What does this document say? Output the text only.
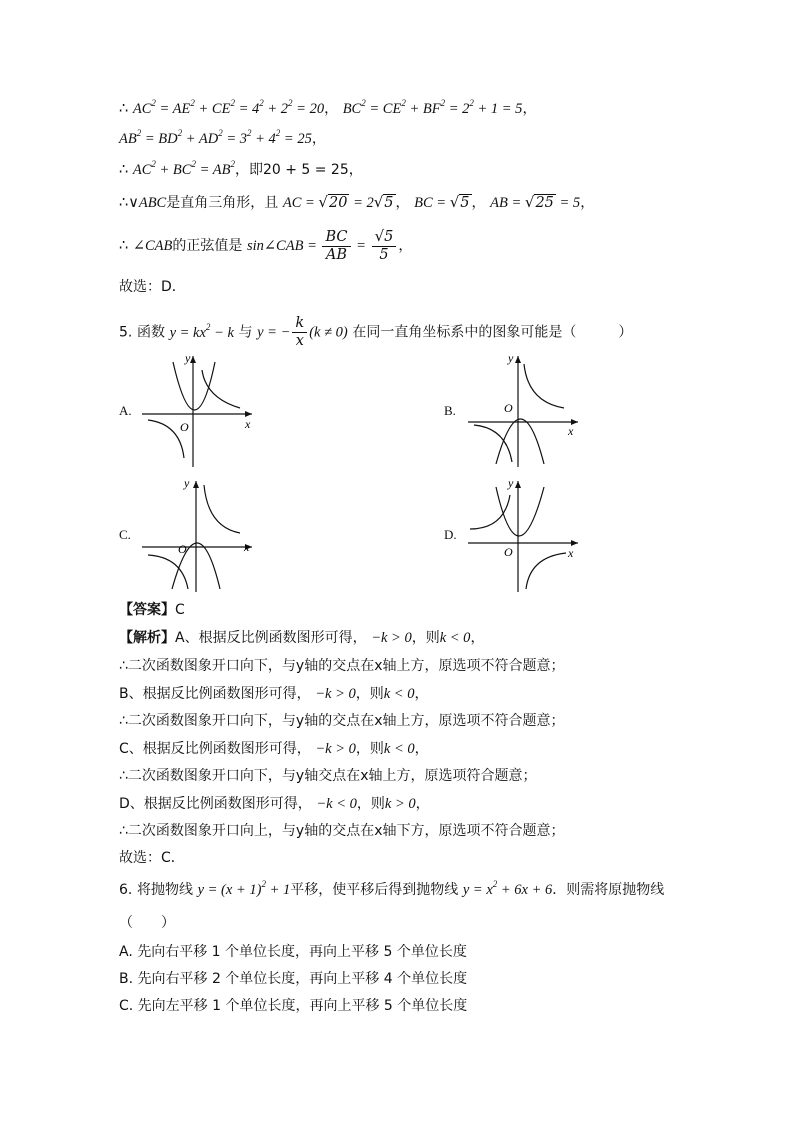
∴ $AC^2 = AE^2 + CE^2 = 4^2 + 2^2 = 20$， $BC^2 = CE^2 + BF^2 = 2^2 + 1 = 5$，
$AB^2 = BD^2 + AD^2 = 3^2 + 4^2 = 25$，
∴ $AC^2 + BC^2 = AB^2$，即20 + 5 = 25，
∴∨ABC是直角三角形，且 AC = √20 = 2√5 ， BC = √5 ， AB = √25 = 5，
∴ ∠CAB的正弦值是 sin∠CAB = $\frac{BC}{AB} = \frac{√5}{5}$ ，
故选：D．
5. 函数 $y = kx^2 - k$ 与 y = − $\frac{k}{x} (k \ne 0)$ 在同一直角坐标系中的图象可能是（　　　）
A.
y
x
O
B.
y
x
O
C.
y
x
O
D.
y
x
O
【答案】C
【解析】A、根据反比例函数图形可得， −k > 0，则k < 0，
∴二次函数图象开口向下，与y轴的交点在x轴上方，原选项不符合题意；
B、根据反比例函数图形可得， −k > 0，则k < 0，
∴二次函数图象开口向下，与y轴的交点在x轴上方，原选项不符合题意；
C、根据反比例函数图形可得， −k > 0，则k < 0，
∴二次函数图象开口向下，与y轴交点在x轴上方，原选项符合题意；
D、根据反比例函数图形可得， −k < 0，则k > 0，
∴二次函数图象开口向上，与y轴的交点在x轴下方，原选项不符合题意；
故选：C．
6. 将抛物线 $y = (x + 1)^2 + 1$平移，使平移后得到抛物线 $y = x^2 + 6x + 6$．则需将原抛物线
（　　）
A. 先向右平移 1 个单位长度，再向上平移 5 个单位长度
B. 先向右平移 2 个单位长度，再向上平移 4 个单位长度
C. 先向左平移 1 个单位长度，再向上平移 5 个单位长度
